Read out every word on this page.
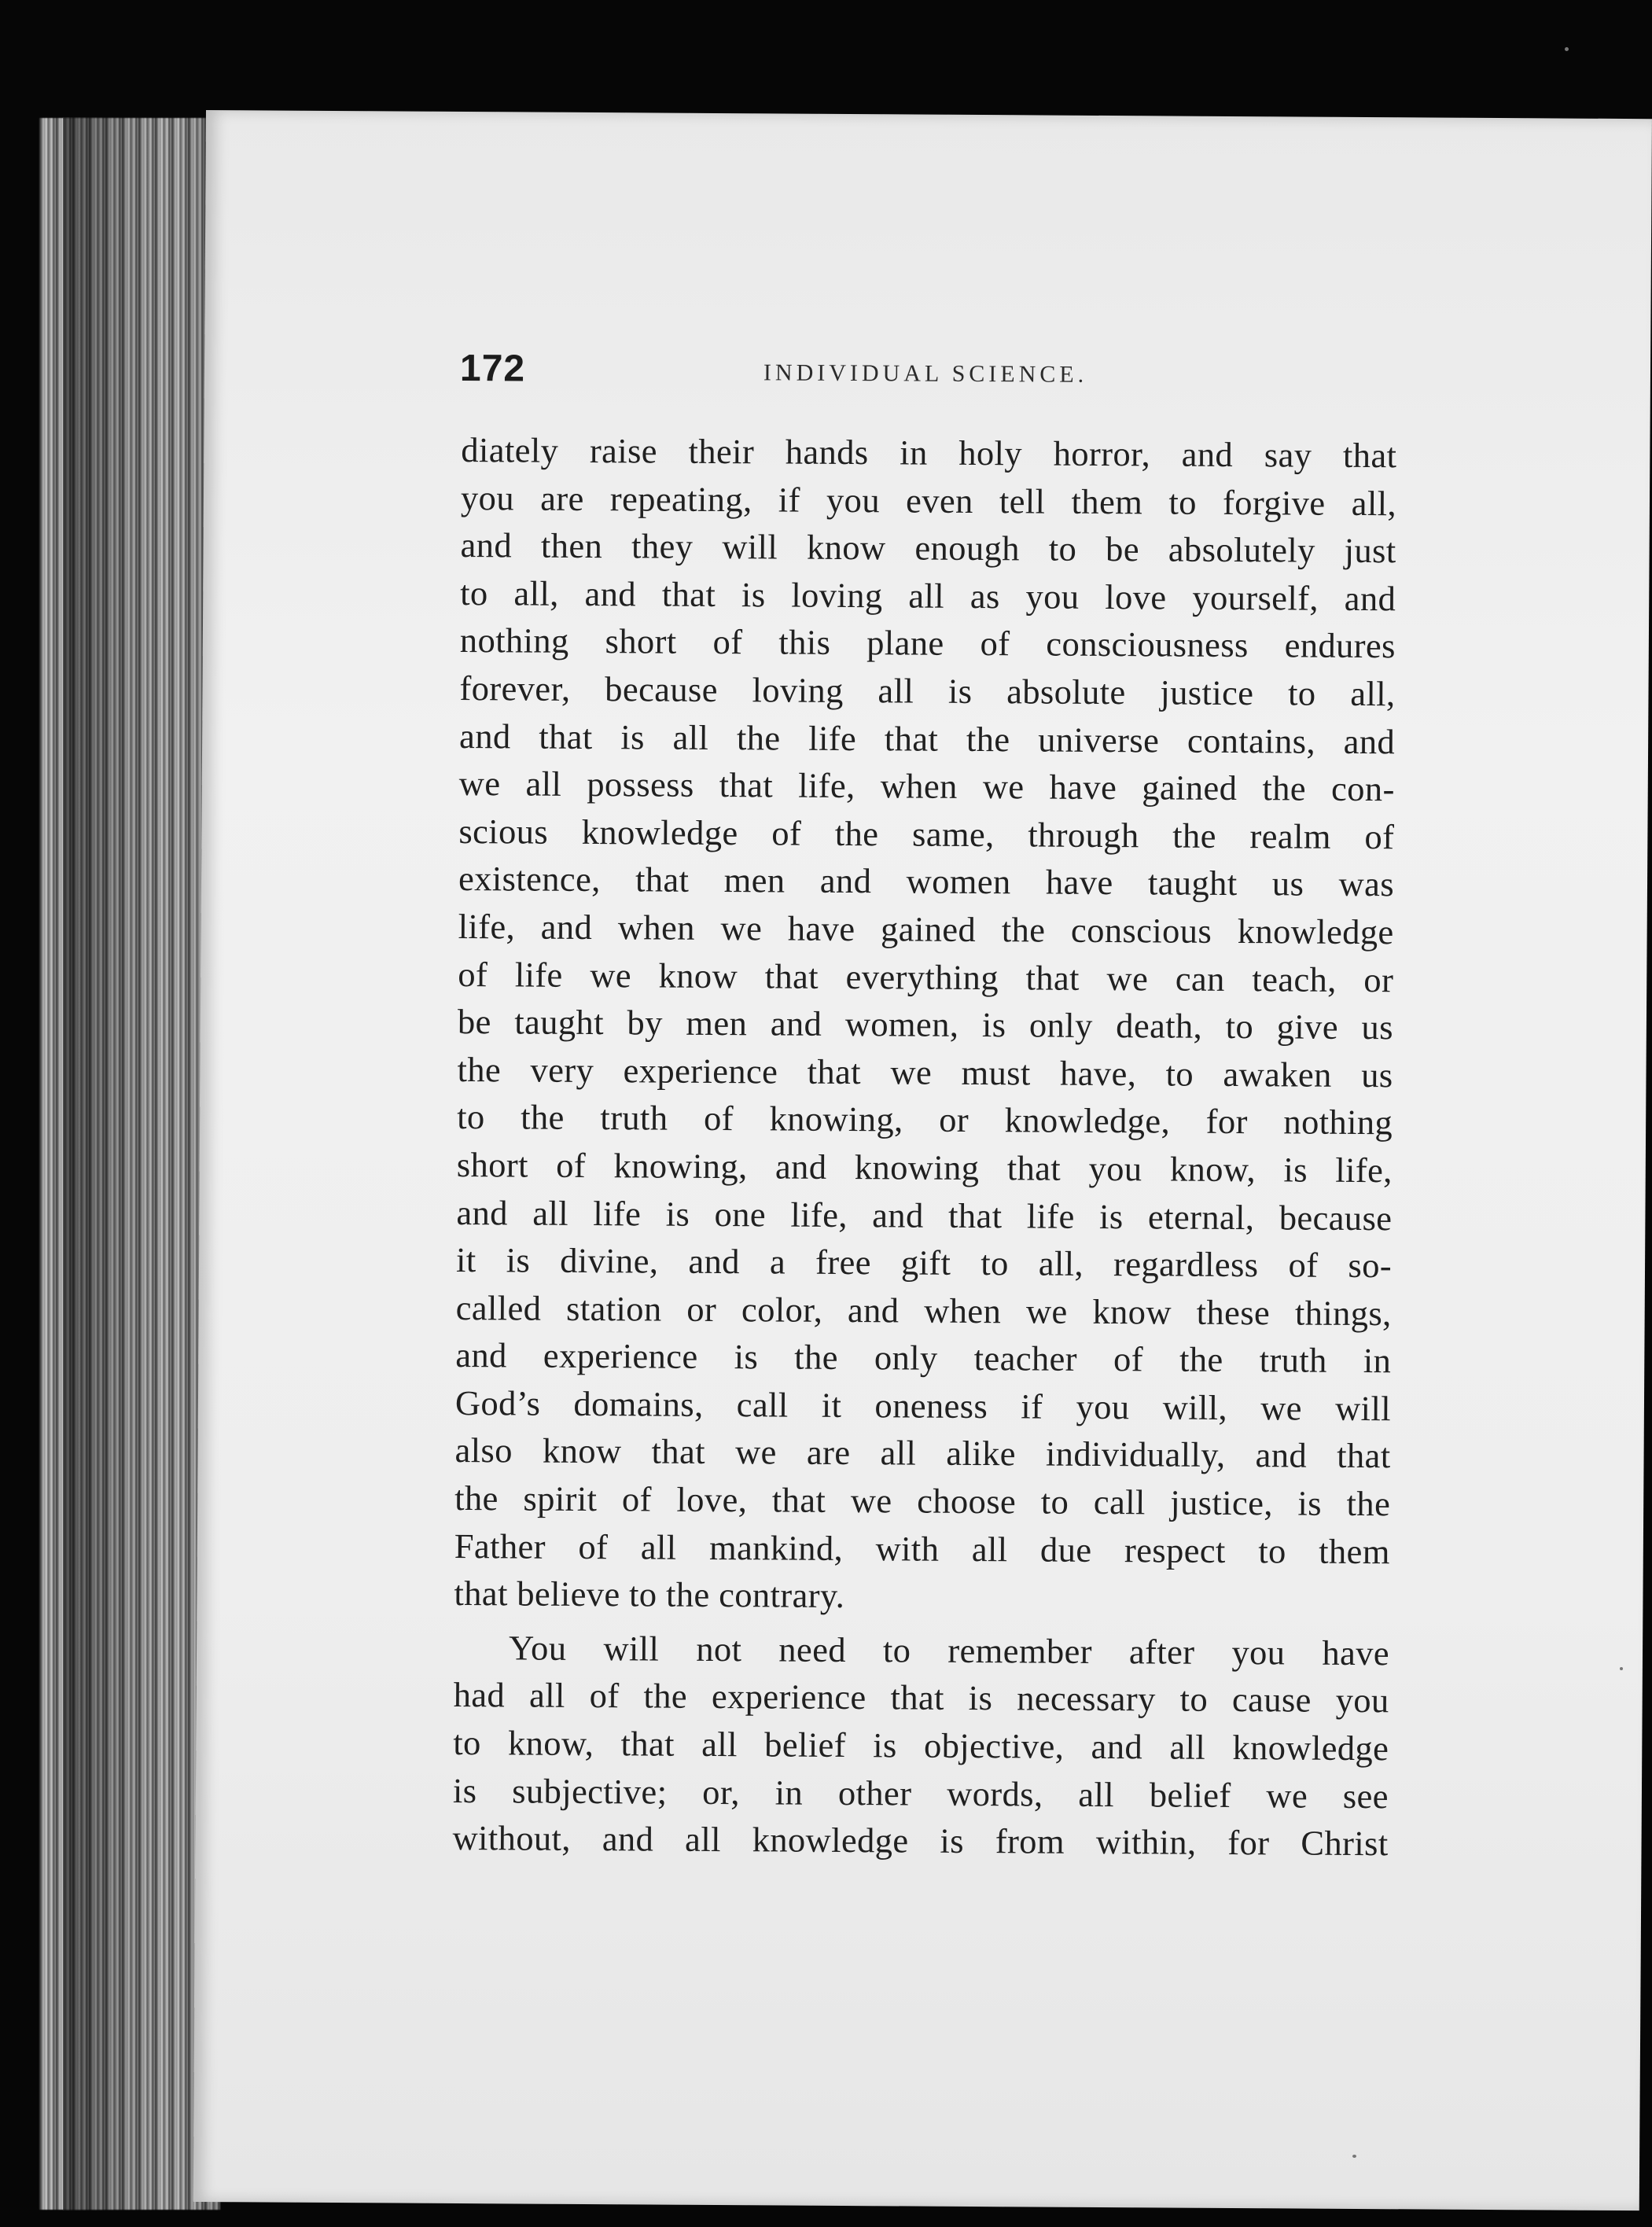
172	INDIVIDUAL SCIENCE.
diately raise their hands in holy horror, and say that
you are repeating, if you even tell them to forgive all,
and then they will know enough to be absolutely just
to all, and that is loving all as you love yourself, and
nothing short of this plane of consciousness endures
forever, because loving all is absolute justice to all,
and that is all the life that the universe contains, and
we all possess that life, when we have gained the con-
scious knowledge of the same, through the realm of
existence, that men and women have taught us was
life, and when we have gained the conscious knowledge
of life we know that everything that we can teach, or
be taught by men and women, is only death, to give us
the very experience that we must have, to awaken us
to the truth of knowing, or knowledge, for nothing
short of knowing, and knowing that you know, is life,
and all life is one life, and that life is eternal, because
it is divine, and a free gift to all, regardless of so-
called station or color, and when we know these things,
and experience is the only teacher of the truth in
God’s domains, call it oneness if you will, we will
also know that we are all alike individually, and that
the spirit of love, that we choose to call justice, is the
Father of all mankind, with all due respect to them
that believe to the contrary.
You will not need to remember after you have
had all of the experience that is necessary to cause you
to know, that all belief is objective, and all knowledge
is subjective; or, in other words, all belief we see
without, and all knowledge is from within, for Christ
